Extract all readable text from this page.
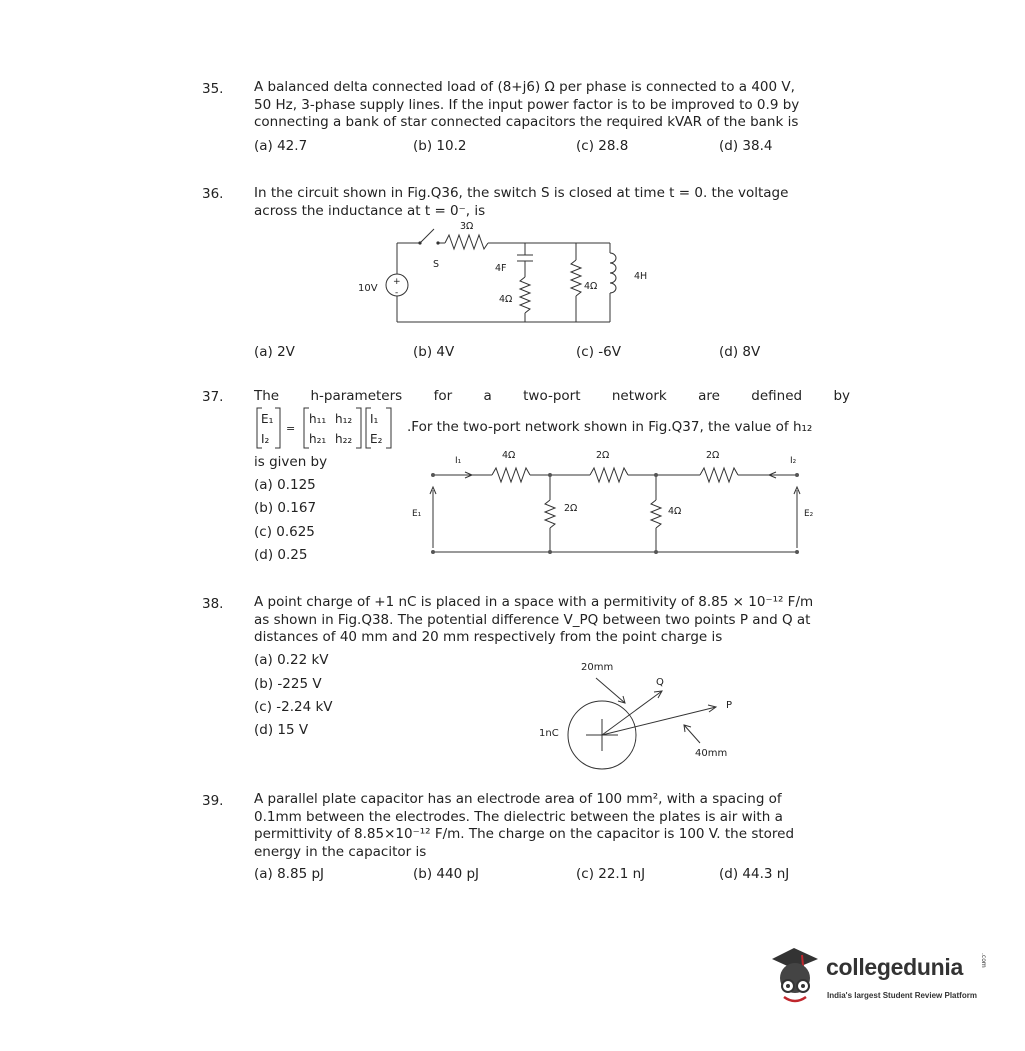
35. A balanced delta connected load of (8+j6) Ω per phase is connected to a 400 V,
50 Hz, 3-phase supply lines. If the input power factor is to be improved to 0.9 by
connecting a bank of star connected capacitors the required kVAR of the bank is
(a) 42.7	(b) 10.2	(c) 28.8	(d) 38.4
36. In the circuit shown in Fig.Q36, the switch S is closed at time t = 0. the voltage
across the inductance at t = 0⁻, is
+
-
10V
3Ω
S	4F
4Ω
4Ω
4H
(a) 2V	(b) 4V	(c) -6V	(d) 8V
37. The h-parameters for a two-port network are defined by
E₁
I₂
=
h₁₁ h₁₂
h₂₁ h₂₂
I₁
E₂
.For the two-port network shown in Fig.Q37, the value of h₁₂
is given by
(a) 0.125
(b) 0.167
(c) 0.625
(d) 0.25
I₁	I₂
4Ω	2Ω	2Ω
2Ω	4Ω
E₁	E₂
38. A point charge of +1 nC is placed in a space with a permitivity of 8.85 × 10⁻¹² F/m
as shown in Fig.Q38. The potential difference V_PQ between two points P and Q at
distances of 40 mm and 20 mm respectively from the point charge is
(a) 0.22 kV
(b) -225 V
(c) -2.24 kV
(d) 15 V
20mm
Q
P
1nC
40mm
39. A parallel plate capacitor has an electrode area of 100 mm², with a spacing of
0.1mm between the electrodes. The dielectric between the plates is air with a
permittivity of 8.85×10⁻¹² F/m. The charge on the capacitor is 100 V. the stored
energy in the capacitor is
(a) 8.85 pJ	(b) 440 pJ	(c) 22.1 nJ	(d) 44.3 nJ
collegedunia	.com
India's largest Student Review Platform
